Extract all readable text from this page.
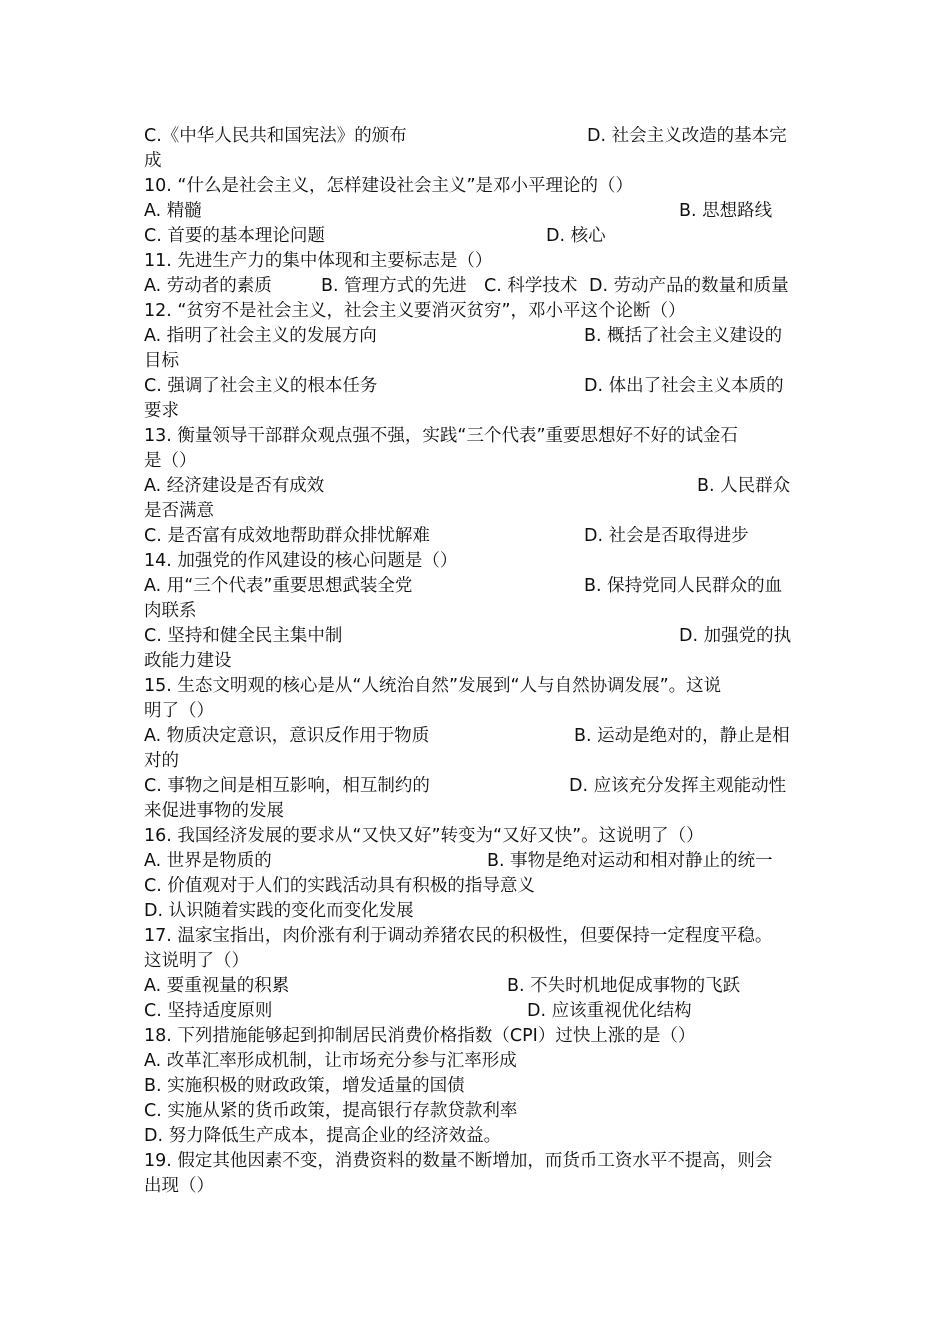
C.《中华人民共和国宪法》的颁布	D. 社会主义改造的基本完
成
10. “什么是社会主义，怎样建设社会主义”是邓小平理论的（）
A. 精髓	B. 思想路线
C. 首要的基本理论问题	D. 核心
11. 先进生产力的集中体现和主要标志是（）
A. 劳动者的素质	B. 管理方式的先进 C. 科学技术 D. 劳动产品的数量和质量
12. “贫穷不是社会主义，社会主义要消灭贫穷”，邓小平这个论断（）
A. 指明了社会主义的发展方向	B. 概括了社会主义建设的
目标
C. 强调了社会主义的根本任务	D. 体出了社会主义本质的
要求
13. 衡量领导干部群众观点强不强，实践“三个代表”重要思想好不好的试金石
是（）
A. 经济建设是否有成效	B. 人民群众
是否满意
C. 是否富有成效地帮助群众排忧解难	D. 社会是否取得进步
14. 加强党的作风建设的核心问题是（）
A. 用“三个代表”重要思想武装全党	B. 保持党同人民群众的血
肉联系
C. 坚持和健全民主集中制	D. 加强党的执
政能力建设
15. 生态文明观的核心是从“人统治自然”发展到“人与自然协调发展”。这说
明了（）
A. 物质决定意识，意识反作用于物质	B. 运动是绝对的，静止是相
对的
C. 事物之间是相互影响，相互制约的	D. 应该充分发挥主观能动性
来促进事物的发展
16. 我国经济发展的要求从“又快又好”转变为“又好又快”。这说明了（）
A. 世界是物质的	B. 事物是绝对运动和相对静止的统一
C. 价值观对于人们的实践活动具有积极的指导意义
D. 认识随着实践的变化而变化发展
17. 温家宝指出，肉价涨有利于调动养猪农民的积极性，但要保持一定程度平稳。
这说明了（）
A. 要重视量的积累	B. 不失时机地促成事物的飞跃
C. 坚持适度原则	D. 应该重视优化结构
18. 下列措施能够起到抑制居民消费价格指数（CPI）过快上涨的是（）
A. 改革汇率形成机制，让市场充分参与汇率形成
B. 实施积极的财政政策，增发适量的国债
C. 实施从紧的货币政策，提高银行存款贷款利率
D. 努力降低生产成本，提高企业的经济效益。
19. 假定其他因素不变，消费资料的数量不断增加，而货币工资水平不提高，则会
出现（）
